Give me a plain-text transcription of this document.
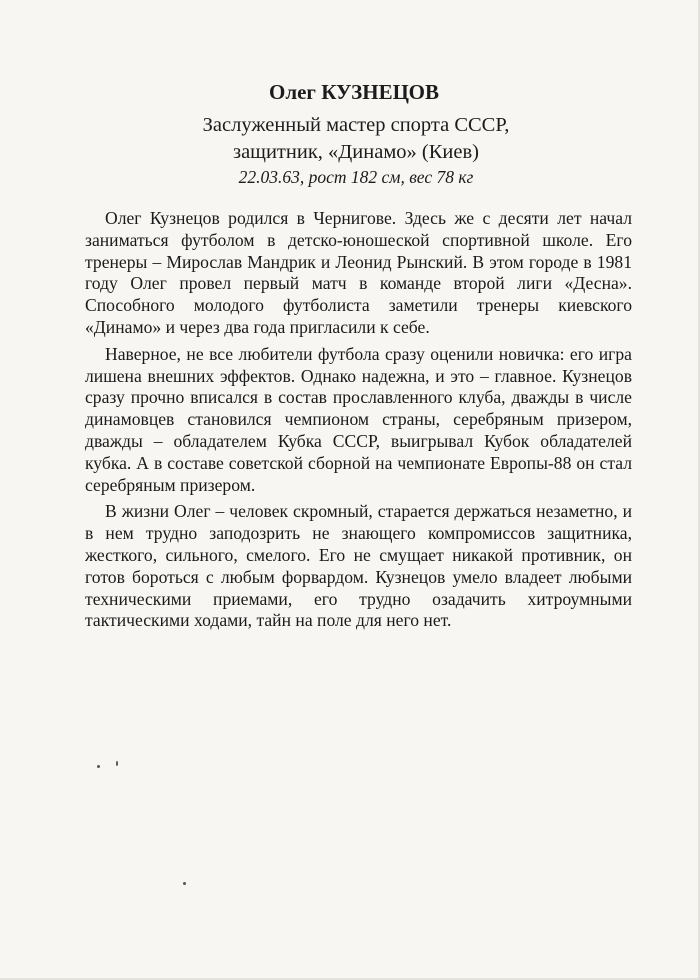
Олег КУЗНЕЦОВ
Заслуженный мастер спорта СССР,
защитник, «Динамо» (Киев)
22.03.63, рост 182 см, вес 78 кг

Олег Кузнецов родился в Чернигове. Здесь же с десяти лет начал заниматься футболом в детско-юношеской спортивной школе. Его тренеры – Мирослав Мандрик и Леонид Рынский. В этом городе в 1981 году Олег провел первый матч в команде второй лиги «Десна». Способного молодого футболиста заметили тренеры киевского «Динамо» и через два года пригласили к себе.

Наверное, не все любители футбола сразу оценили новичка: его игра лишена внешних эффектов. Однако надежна, и это – главное. Кузнецов сразу прочно вписался в состав прославленного клуба, дважды в числе динамовцев становился чемпионом страны, серебряным призером, дважды – обладателем Кубка СССР, выигрывал Кубок обладателей кубка. А в составе советской сборной на чемпионате Европы-88 он стал серебряным призером.

В жизни Олег – человек скромный, старается держаться незаметно, и в нем трудно заподозрить не знающего компромиссов защитника, жесткого, сильного, смелого. Его не смущает никакой противник, он готов бороться с любым форвардом. Кузнецов умело владеет любыми техническими приемами, его трудно озадачить хитроумными тактическими ходами, тайн на поле для него нет.
